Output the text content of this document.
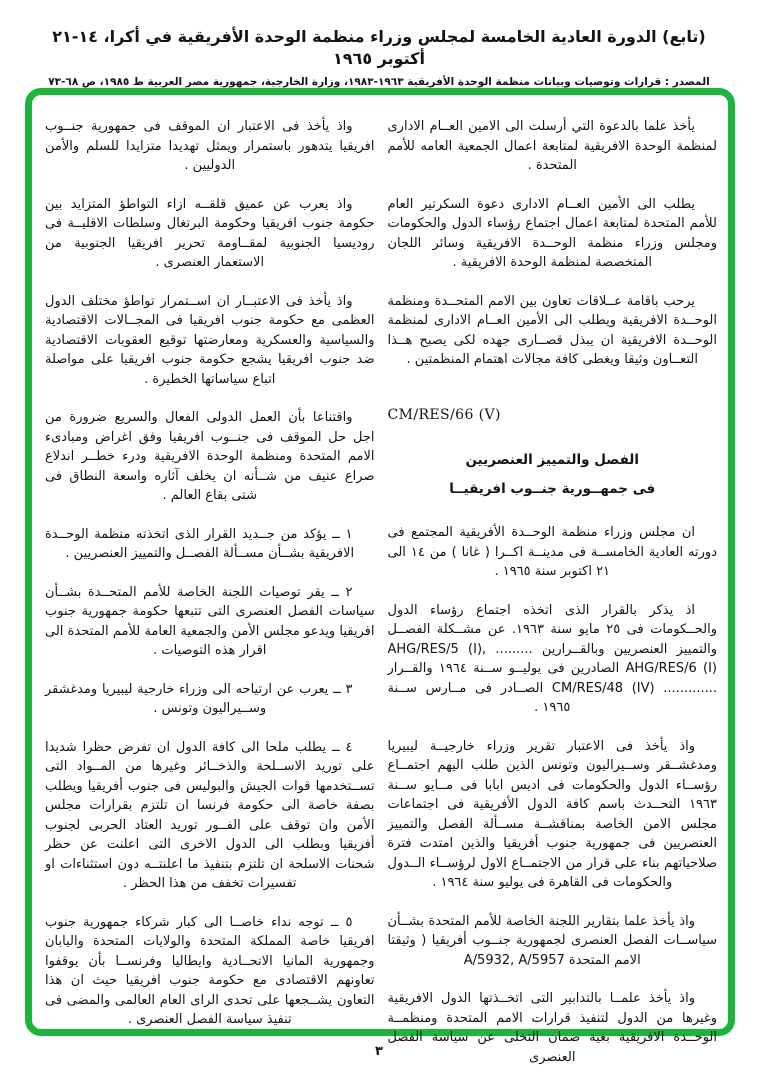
(تابع) الدورة العادية الخامسة لمجلس وزراء منظمة الوحدة الأفريقية في أكرا، ١٤-٢١ أكتوبر ١٩٦٥
المصدر : قرارات وتوصيات وبيانات منظمة الوحدة الأفريقية ١٩٦٣-١٩٨٣، وزارة الخارجية، جمهورية مصر العربية ط ١٩٨٥، ص ٦٨-٧٣

يأخذ علما بالدعوة التي أرسلت الى الامين العــام الادارى لمنظمة الوحدة الافريقية لمتابعة اعمال الجمعية العامه للأمم المتحدة .

يطلب الى الأمين العــام الادارى دعوة السكرتير العام للأمم المتحدة لمتابعة اعمال اجتماع رؤساء الدول والحكومات ومجلس وزراء منظمة الوحــدة الافريقية وسائر اللجان المتخصصة لمنظمة الوحدة الافريقية .

يرحب باقامة عــلاقات تعاون بين الامم المتحــدة ومنظمة الوحــدة الافريقية ويطلب الى الأمين العــام الادارى لمنظمة الوحــدة الافريقية ان يبذل قصــارى جهده لكى يصبح هــذا التعــاون وثيقا ويغطى كافة مجالات اهتمام المنظمتين .

CM/RES/66 (V)
الفصل والتمييز العنصريين
فى جمهــورية جنــوب افريقيــا

ان مجلس وزراء منظمة الوحــدة الأفريقية المجتمع فى دورته العادية الخامســة فى مدينــة اكــرا ( غانا ) من ١٤ الى ٢١ اكتوبر سنة ١٩٦٥ .

اذ يذكر بالقرار الذى اتخذه اجتماع رؤساء الدول والحــكومات فى ٢٥ مايو سنة ١٩٦٣. عن مشــكلة الفصــل والتمييز العنصريين وبالقــرارين ......... AHG/RES/5 (I), AHG/RES/6 (I) الصادرين فى يوليــو ســنة ١٩٦٤ والقــرار ............. CM/RES/48 (IV) الصــادر فى مــارس ســنة ١٩٦٥ .

واذ يأخذ فى الاعتبار تقرير وزراء خارجيــة ليبيريا ومدغشــقر وســيراليون وتونس الذين طلب اليهم اجتمــاع رؤســاء الدول والحكومات فى اديس ابابا فى مــايو ســنة ١٩٦٣ التحــدث باسم كافة الدول الأفريقية فى اجتماعات مجلس الامن الخاصة بمناقشــة مســألة الفصل والتمييز العنصريين فى جمهورية جنوب أفريقيا والذين امتدت فترة صلاحياتهم بناء على قرار من الاجتمــاع الاول لرؤســاء الــدول والحكومات فى القاهرة فى يوليو سنة ١٩٦٤ .

واذ يأخذ علما بتقارير اللجنة الخاصة للأمم المتحدة بشــأن سياســات الفصل العنصرى لجمهورية جنــوب أفريقيا ( وثيقتا الامم المتحدة A/5932, A/5957

واذ يأخذ علمــا بالتدابير التى اتخــذتها الدول الافريقية وغيرها من الدول لتنفيذ قرارات الامم المتحدة ومنظمــة الوحــدة الافريقية بغية ضمان التخلى عن سياسة الفصل العنصرى

واذ يأخذ فى الاعتبار ان الموقف فى جمهورية جنــوب افريقيا يتدهور باستمرار ويمثل تهديدا متزايدا للسلم والأمن الدوليين .

واذ يعرب عن عميق قلقــه ازاء التواطؤ المتزايد بين حكومة جنوب افريقيا وحكومة البرتغال وسلطات الاقليــة فى روديسيا الجنوبية لمقــاومة تحرير افريقيا الجنوبية من الاستعمار العنصرى .

واذ يأخذ فى الاعتبــار ان اســتمرار تواطؤ مختلف الدول العظمى مع حكومة جنوب افريقيا فى المجــالات الاقتصادية والسياسية والعسكرية ومعارضتها توقيع العقوبات الاقتصادية ضد جنوب افريقيا يشجع حكومة جنوب افريقيا على مواصلة اتباع سياساتها الخطيرة .

واقتناعا بأن العمل الدولى الفعال والسريع ضرورة من اجل حل الموقف فى جنــوب افريقيا وفق اغراض ومبادىء الامم المتحدة ومنظمة الوحدة الافريقية ودرء خطــر اندلاع صراع عنيف من شــأنه ان يخلف آثاره واسعة النطاق فى شتى بقاع العالم .

١ ــ يؤكد من جــديد القرار الذى اتخذته منظمة الوحــدة الافريقية بشــأن مســألة الفصــل والتمييز العنصريين .

٢ ــ يقر توصيات اللجنة الخاصة للأمم المتحــدة بشــأن سياسات الفصل العنصرى التى تتبعها حكومة جمهورية جنوب افريقيا ويدعو مجلس الأمن والجمعية العامة للأمم المتحدة الى اقرار هذه التوصيات .

٣ ــ يعرب عن ارتياحه الى وزراء خارجية ليبيريا ومدغشقر وســيراليون وتونس .

٤ ــ يطلب ملحا الى كافة الدول ان تفرض حظرا شديدا على توريد الاســلحة والذخــائر وغيرها من المــواد التى تســتخدمها قوات الجيش والبوليس فى جنوب أفريقيا ويطلب بصفة خاصة الى حكومة فرنسا ان تلتزم بقرارات مجلس الأمن وان توقف على الفــور توريد العتاد الحربى لجنوب أفريقيا وبطلب الى الدول الاخرى التى اعلنت عن حظر شحنات الاسلحة ان تلتزم بتنفيذ ما اعلنتــه دون استثناءات او تفسيرات تخفف من هذا الحظر .

٥ ــ توجه نداء خاصــا الى كبار شركاء جمهورية جنوب افريقيا خاصة المملكة المتحدة والولايات المتحدة واليابان وجمهورية المانيا الاتحــادية وايطاليا وفرنســا بأن يوقفوا تعاونهم الاقتصادى مع حكومة جنوب افريقيا حيث ان هذا التعاون يشــجعها على تحدى الراى العام العالمى والمضى فى تنفيذ سياسة الفصل العنصرى .

٣
